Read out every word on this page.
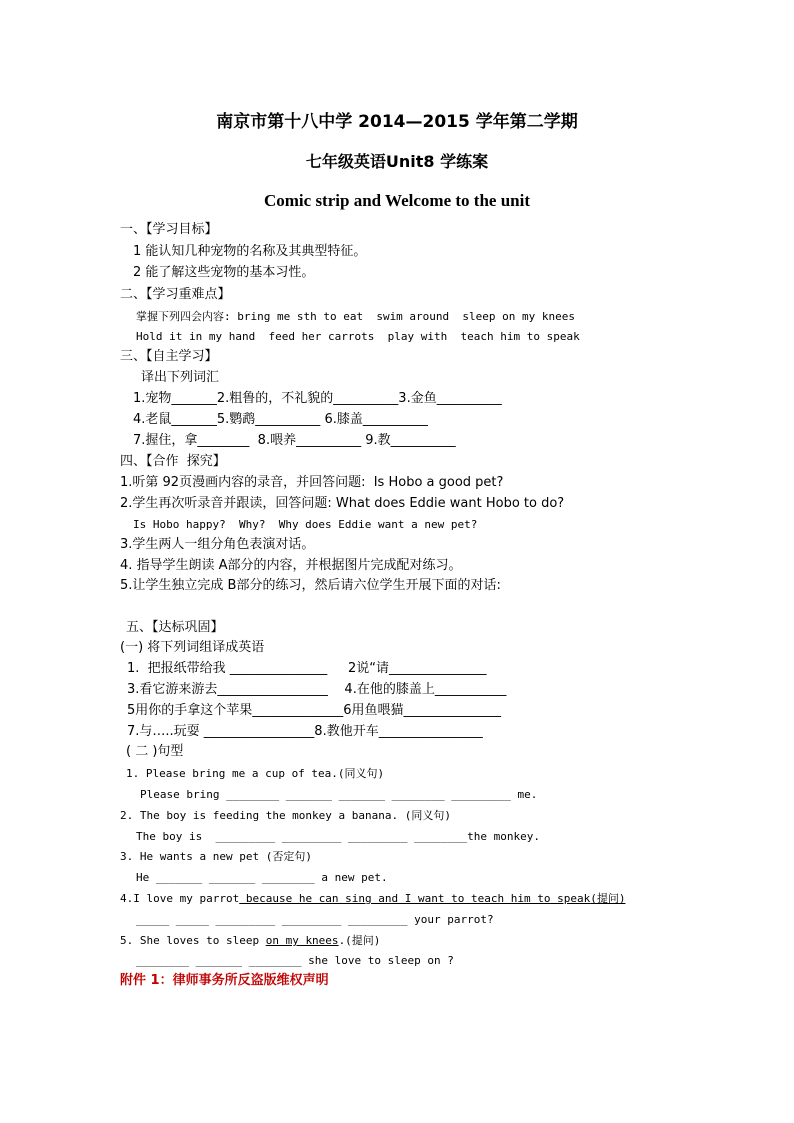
南京市第十八中学 2014—2015 学年第二学期
七年级英语Unit8 学练案
Comic strip and Welcome to the unit
一、【学习目标】
1 能认知几种宠物的名称及其典型特征。
2 能了解这些宠物的基本习性。
二、【学习重难点】
掌握下列四会内容: bring me sth to eat  swim around  sleep on my knees
Hold it in my hand  feed her carrots  play with  teach him to speak
三、【自主学习】
译出下列词汇
1.宠物_______2.粗鲁的，不礼貌的__________3.金鱼__________
4.老鼠_______5.鹦鹉__________ 6.膝盖__________
7.握住，拿________  8.喂养__________ 9.教__________
四、【合作  探究】
1.听第 92页漫画内容的录音，并回答问题:  Is Hobo a good pet?
2.学生再次听录音并跟读，回答问题: What does Eddie want Hobo to do?
Is Hobo happy?  Why?  Why does Eddie want a new pet?
3.学生两人一组分角色表演对话。
4. 指导学生朗读 A部分的内容，并根据图片完成配对练习。
5.让学生独立完成 B部分的练习，然后请六位学生开展下面的对话:
五、【达标巩固】
(一) 将下列词组译成英语
1.  把报纸带给我 _______________     2说“请_______________
3.看它游来游去_________________    4.在他的膝盖上___________
5用你的手拿这个苹果______________6用鱼喂猫_______________
7.与…..玩耍 _________________8.教他开车________________
( 二 )句型
1. Please bring me a cup of tea.(同义句)
Please bring ________ _______ _______ ________ _________ me.
2. The boy is feeding the monkey a banana. (同义句)
The boy is  _________ _________ _________ ________the monkey.
3. He wants a new pet (否定句)
He _______ _______ ________ a new pet.
4.I love my parrot because he can sing and I want to teach him to speak(提问)
_____ _____ _________ _________ _________ your parrot?
5. She loves to sleep on my knees.(提问)
________ _______ ________ she love to sleep on ?
附件 1：律师事务所反盗版维权声明
